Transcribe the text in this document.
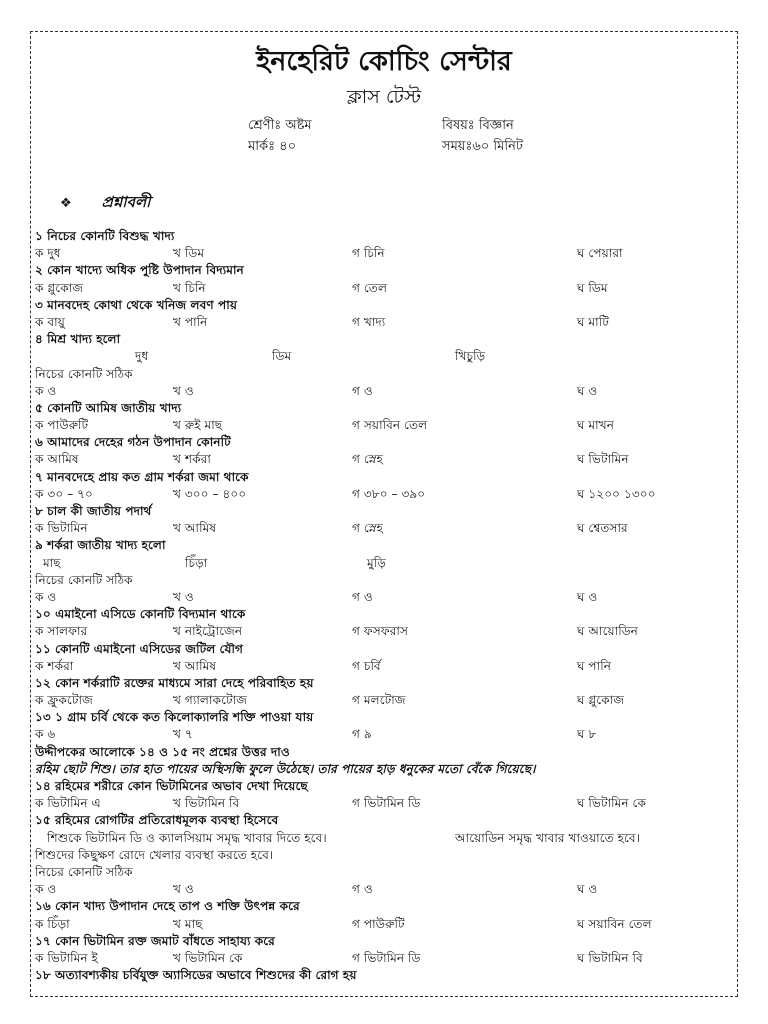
ইনহেরিট কোচিং সেন্টার
ক্লাস টেস্ট
শ্রেণীঃ অষ্টম	বিষয়ঃ বিজ্ঞান
মার্কঃ ৪০	সময়ঃ৬০ মিনিট
❖ প্রশ্নাবলী
১ নিচের কোনটি বিশুদ্ধ খাদ্য
ক দুধ	খ ডিম	গ চিনি	ঘ পেয়ারা
২ কোন খাদ্যে অধিক পুষ্টি উপাদান বিদ্যমান
ক গ্লুকোজ	খ চিনি	গ তেল	ঘ ডিম
৩ মানবদেহ কোথা থেকে খনিজ লবণ পায়
ক বায়ু	খ পানি	গ খাদ্য	ঘ মাটি
৪ মিশ্র খাদ্য হলো
দুধ	ডিম	খিচুড়ি
নিচের কোনটি সঠিক
ক ও	খ ও	গ ও	ঘ ও
৫ কোনটি আমিষ জাতীয় খাদ্য
ক পাউরুটি	খ রুই মাছ	গ সয়াবিন তেল	ঘ মাখন
৬ আমাদের দেহের গঠন উপাদান কোনটি
ক আমিষ	খ শর্করা	গ স্নেহ	ঘ ভিটামিন
৭ মানবদেহে প্রায় কত গ্রাম শর্করা জমা থাকে
ক ৩০ – ৭০	খ ৩০০ – ৪০০	গ ৩৮০ – ৩৯০	ঘ ১২০০ ১৩০০
৮ চাল কী জাতীয় পদার্থ
ক ভিটামিন	খ আমিষ	গ স্নেহ	ঘ শ্বেতসার
৯ শর্করা জাতীয় খাদ্য হলো
মাছ	চিঁড়া	মুড়ি
নিচের কোনটি সঠিক
ক ও	খ ও	গ ও	ঘ ও
১০ এমাইনো এসিডে কোনটি বিদ্যমান থাকে
ক সালফার	খ নাইট্রোজেন	গ ফসফরাস	ঘ আয়োডিন
১১ কোনটি এমাইনো এসিডের জটিল যৌগ
ক শর্করা	খ আমিষ	গ চর্বি	ঘ পানি
১২ কোন শর্করাটি রক্তের মাধ্যমে সারা দেহে পরিবাহিত হয়
ক ফ্রুকটোজ	খ গ্যালাকটোজ	গ মলটোজ	ঘ গ্লুকোজ
১৩ ১ গ্রাম চর্বি থেকে কত কিলোক্যালরি শক্তি পাওয়া যায়
ক ৬	খ ৭	গ ৯	ঘ ৮
উদ্দীপকের আলোকে ১৪ ও ১৫ নং প্রশ্নের উত্তর দাও
রহিম ছোট শিশু। তার হাত পায়ের অস্থিসন্ধি ফুলে উঠেছে। তার পায়ের হাড় ধনুকের মতো বেঁকে গিয়েছে।
১৪ রহিমের শরীরে কোন ভিটামিনের অভাব দেখা দিয়েছে
ক ভিটামিন এ	খ ভিটামিন বি	গ ভিটামিন ডি	ঘ ভিটামিন কে
১৫ রহিমের রোগটির প্রতিরোধমূলক ব্যবস্থা হিসেবে
শিশুকে ভিটামিন ডি ও ক্যালসিয়াম সমৃদ্ধ খাবার দিতে হবে।	আয়োডিন সমৃদ্ধ খাবার খাওয়াতে হবে।
শিশুদের কিছুক্ষণ রোদে খেলার ব্যবস্থা করতে হবে।
নিচের কোনটি সঠিক
ক ও	খ ও	গ ও	ঘ ও
১৬ কোন খাদ্য উপাদান দেহে তাপ ও শক্তি উৎপন্ন করে
ক চিঁড়া	খ মাছ	গ পাউরুটি	ঘ সয়াবিন তেল
১৭ কোন ভিটামিন রক্ত জমাট বাঁধতে সাহায্য করে
ক ভিটামিন ই	খ ভিটামিন কে	গ ভিটামিন ডি	ঘ ভিটামিন বি
১৮ অত্যাবশ্যকীয় চর্বিযুক্ত অ্যাসিডের অভাবে শিশুদের কী রোগ হয়
